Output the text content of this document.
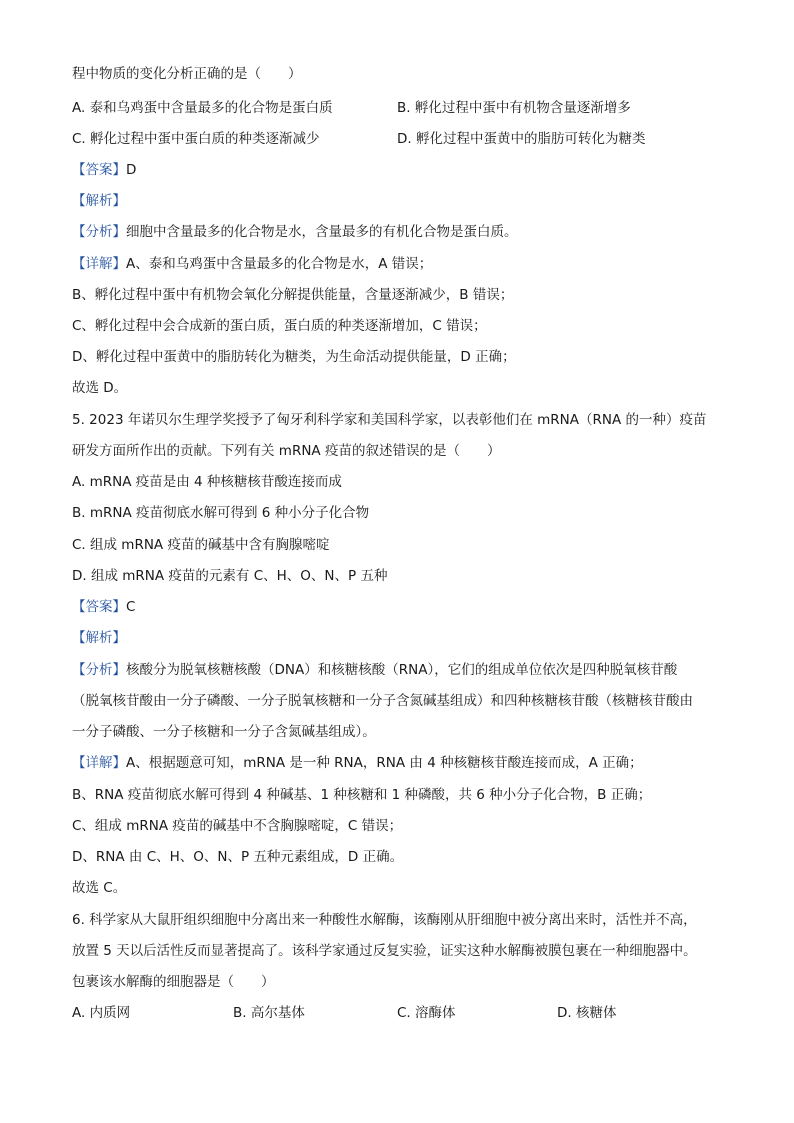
程中物质的变化分析正确的是（　　）
A. 泰和乌鸡蛋中含量最多的化合物是蛋白质	B. 孵化过程中蛋中有机物含量逐渐增多
C. 孵化过程中蛋中蛋白质的种类逐渐减少	D. 孵化过程中蛋黄中的脂肪可转化为糖类
【答案】D
【解析】
【分析】细胞中含量最多的化合物是水，含量最多的有机化合物是蛋白质。
【详解】A、泰和乌鸡蛋中含量最多的化合物是水，A 错误；
B、孵化过程中蛋中有机物会氧化分解提供能量，含量逐渐减少，B 错误；
C、孵化过程中会合成新的蛋白质，蛋白质的种类逐渐增加，C 错误；
D、孵化过程中蛋黄中的脂肪转化为糖类，为生命活动提供能量，D 正确；
故选 D。
5. 2023 年诺贝尔生理学奖授予了匈牙利科学家和美国科学家，以表彰他们在 mRNA（RNA 的一种）疫苗
研发方面所作出的贡献。下列有关 mRNA 疫苗的叙述错误的是（　　）
A. mRNA 疫苗是由 4 种核糖核苷酸连接而成
B. mRNA 疫苗彻底水解可得到 6 种小分子化合物
C. 组成 mRNA 疫苗的碱基中含有胸腺嘧啶
D. 组成 mRNA 疫苗的元素有 C、H、O、N、P 五种
【答案】C
【解析】
【分析】核酸分为脱氧核糖核酸（DNA）和核糖核酸（RNA），它们的组成单位依次是四种脱氧核苷酸
（脱氧核苷酸由一分子磷酸、一分子脱氧核糖和一分子含氮碱基组成）和四种核糖核苷酸（核糖核苷酸由
一分子磷酸、一分子核糖和一分子含氮碱基组成）。
【详解】A、根据题意可知，mRNA 是一种 RNA，RNA 由 4 种核糖核苷酸连接而成，A 正确；
B、RNA 疫苗彻底水解可得到 4 种碱基、1 种核糖和 1 种磷酸，共 6 种小分子化合物，B 正确；
C、组成 mRNA 疫苗的碱基中不含胸腺嘧啶，C 错误；
D、RNA 由 C、H、O、N、P 五种元素组成，D 正确。
故选 C。
6. 科学家从大鼠肝组织细胞中分离出来一种酸性水解酶，该酶刚从肝细胞中被分离出来时，活性并不高，
放置 5 天以后活性反而显著提高了。该科学家通过反复实验，证实这种水解酶被膜包裹在一种细胞器中。
包裹该水解酶的细胞器是（　　）
A. 内质网	B. 高尔基体	C. 溶酶体	D. 核糖体
